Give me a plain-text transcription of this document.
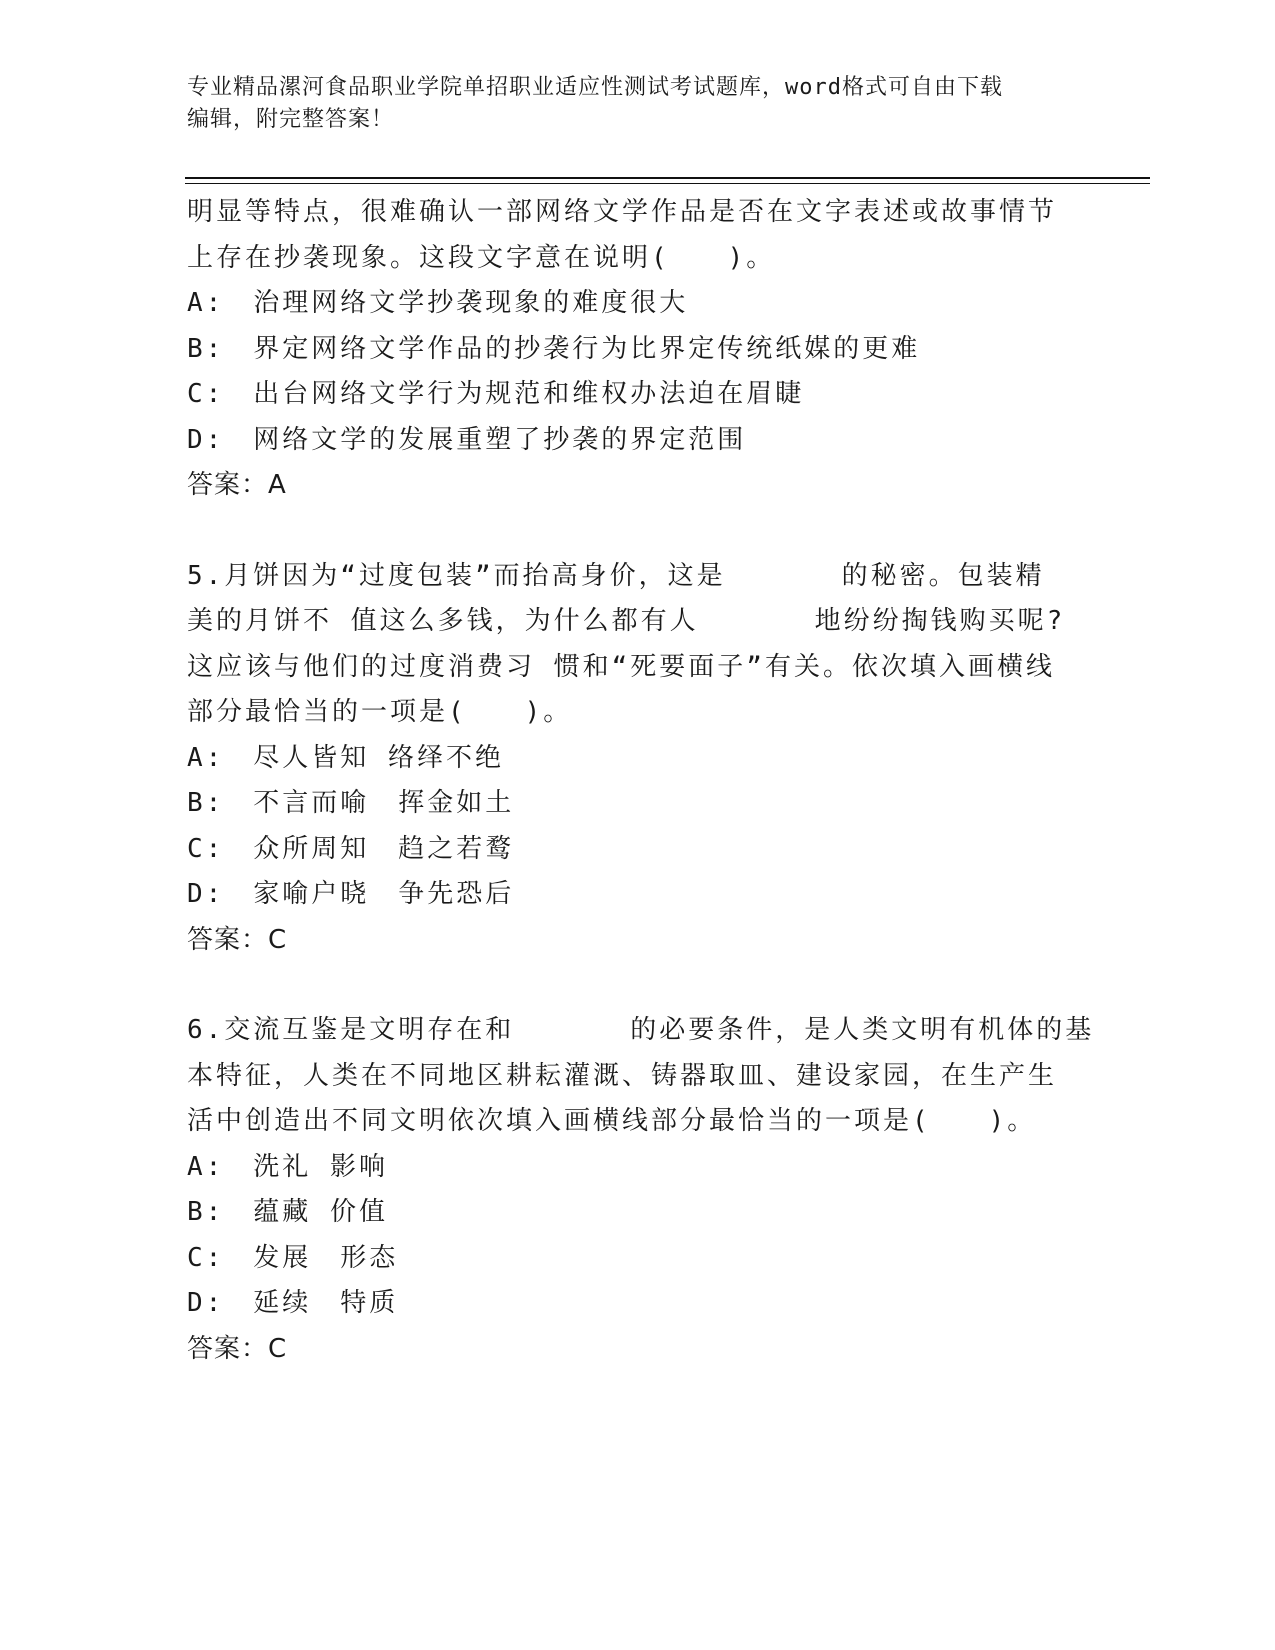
专业精品漯河食品职业学院单招职业适应性测试考试题库，word格式可自由下载
编辑，附完整答案！
明显等特点，很难确认一部网络文学作品是否在文字表述或故事情节
上存在抄袭现象。这段文字意在说明(　　)。
A:　治理网络文学抄袭现象的难度很大
B:　界定网络文学作品的抄袭行为比界定传统纸媒的更难
C:　出台网络文学行为规范和维权办法迫在眉睫
D:　网络文学的发展重塑了抄袭的界定范围
答案：A
5.月饼因为“过度包装”而抬高身价，这是　　　　的秘密。包装精
美的月饼不 值这么多钱，为什么都有人　　　　地纷纷掏钱购买呢?
这应该与他们的过度消费习 惯和“死要面子”有关。依次填入画横线
部分最恰当的一项是(　　)。
A:　尽人皆知 络绎不绝
B:　不言而喻　挥金如土
C:　众所周知　趋之若鹜
D:　家喻户晓　争先恐后
答案：C
6.交流互鉴是文明存在和　　　　的必要条件，是人类文明有机体的基
本特征，人类在不同地区耕耘灌溉、铸器取皿、建设家园，在生产生
活中创造出不同文明依次填入画横线部分最恰当的一项是(　　)。
A:　洗礼 影响
B:　蕴藏 价值
C:　发展　形态
D:　延续　特质
答案：C
